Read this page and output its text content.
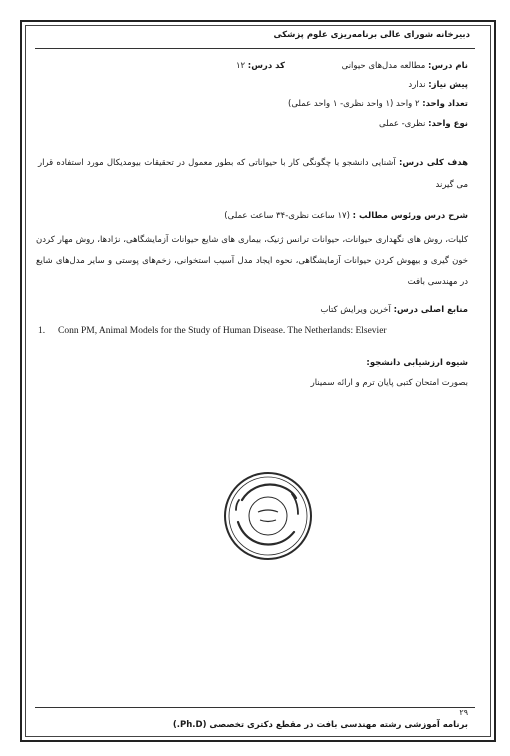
دبیرخانه شورای عالی برنامه‌ریزی علوم پزشکی
نام درس: مطالعه مدل‌های حیوانی
کد درس: ۱۲
پیش نیاز: ندارد
تعداد واحد: ۲ واحد (۱ واحد نظری- ۱ واحد عملی)
نوع واحد: نظری- عملی
هدف کلی درس: آشنایی دانشجو با چگونگی کار با حیواناتی که بطور معمول در تحقیقات بیومدیکال مورد استفاده قرار می گیرند
شرح درس ورئوس مطالب : (۱۷ ساعت نظری-۳۴ ساعت عملی)
کلیات، روش های نگهداری حیوانات، حیوانات ترانس ژنیک، بیماری های شایع حیوانات آزمایشگاهی، نژادها، روش مهار کردن خون گیری و بیهوش کردن حیوانات آزمایشگاهی، نحوه ایجاد مدل آسیب استخوانی، زخم‌های پوستی و سایر مدل‌های شایع در مهندسی بافت
منابع اصلی درس: آخرین ویرایش کتاب
1. Conn PM, Animal Models for the Study of Human Disease. The Netherlands: Elsevier
شیوه ارزشیابی دانشجو:
بصورت امتحان کتبی پایان ترم و ارائه سمینار
۲۹
برنامه آموزشی رشته مهندسی بافت در مقطع دکتری تخصصی (Ph.D.)
